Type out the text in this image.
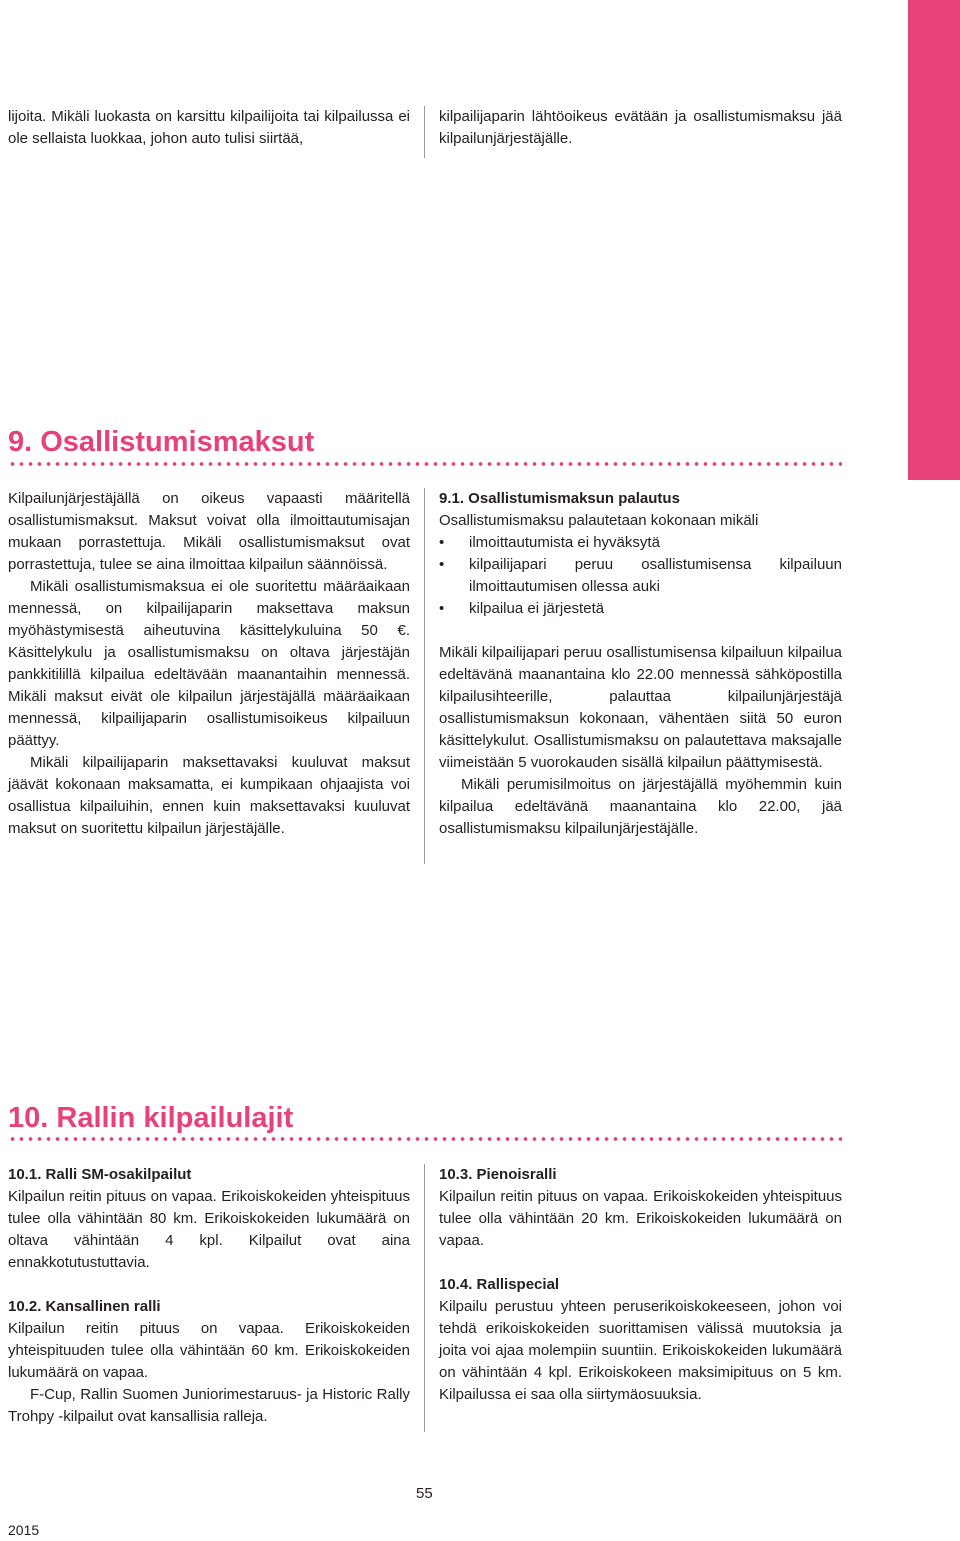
lijoita. Mikäli luokasta on karsittu kilpailijoita tai kilpailussa ei ole sellaista luokkaa, johon auto tulisi siirtää,

kilpailijaparin lähtöoikeus evätään ja osallistumismaksu jää kilpailunjärjestäjälle.

9. Osallistumismaksut

Kilpailunjärjestäjällä on oikeus vapaasti määritellä osallistumismaksut. Maksut voivat olla ilmoittautumisajan mukaan porrastettuja. Mikäli osallistumismaksut ovat porrastettuja, tulee se aina ilmoittaa kilpailun säännöissä.

Mikäli osallistumismaksua ei ole suoritettu määräaikaan mennessä, on kilpailijaparin maksettava maksun myöhästymisestä aiheutuvina käsittelykuluina 50 €. Käsittelykulu ja osallistumismaksu on oltava järjestäjän pankkitilillä kilpailua edeltävään maanantaihin mennessä. Mikäli maksut eivät ole kilpailun järjestäjällä määräaikaan mennessä, kilpailijaparin osallistumisoikeus kilpailuun päättyy.

Mikäli kilpailijaparin maksettavaksi kuuluvat maksut jäävät kokonaan maksamatta, ei kumpikaan ohjaajista voi osallistua kilpailuihin, ennen kuin maksettavaksi kuuluvat maksut on suoritettu kilpailun järjestäjälle.

9.1. Osallistumismaksun palautus

Osallistumismaksu palautetaan kokonaan mikäli

• ilmoittautumista ei hyväksytä
• kilpailijapari peruu osallistumisensa kilpailuun ilmoittautumisen ollessa auki
• kilpailua ei järjestetä

Mikäli kilpailijapari peruu osallistumisensa kilpailuun kilpailua edeltävänä maanantaina klo 22.00 mennessä sähköpostilla kilpailusihteerille, palauttaa kilpailunjärjestäjä osallistumismaksun kokonaan, vähentäen siitä 50 euron käsittelykulut. Osallistumismaksu on palautettava maksajalle viimeistään 5 vuorokauden sisällä kilpailun päättymisestä.

Mikäli perumisilmoitus on järjestäjällä myöhemmin kuin kilpailua edeltävänä maanantaina klo 22.00, jää osallistumismaksu kilpailunjärjestäjälle.

10. Rallin kilpailulajit

10.1. Ralli SM-osakilpailut

Kilpailun reitin pituus on vapaa. Erikoiskokeiden yhteispituus tulee olla vähintään 80 km. Erikoiskokeiden lukumäärä on oltava vähintään 4 kpl. Kilpailut ovat aina ennakkotutustuttavia.

10.2. Kansallinen ralli

Kilpailun reitin pituus on vapaa. Erikoiskokeiden yhteispituuden tulee olla vähintään 60 km. Erikoiskokeiden lukumäärä on vapaa.

F-Cup, Rallin Suomen Juniorimestaruus- ja Historic Rally Trohpy -kilpailut ovat kansallisia ralleja.

10.3. Pienoisralli

Kilpailun reitin pituus on vapaa. Erikoiskokeiden yhteispituus tulee olla vähintään 20 km. Erikoiskokeiden lukumäärä on vapaa.

10.4. Rallispecial

Kilpailu perustuu yhteen peruserikoiskokeeseen, johon voi tehdä erikoiskokeiden suorittamisen välissä muutoksia ja joita voi ajaa molempiin suuntiin. Erikoiskokeiden lukumäärä on vähintään 4 kpl. Erikoiskokeen maksimipituus on 5 km. Kilpailussa ei saa olla siirtymäosuuksia.

55
2015
